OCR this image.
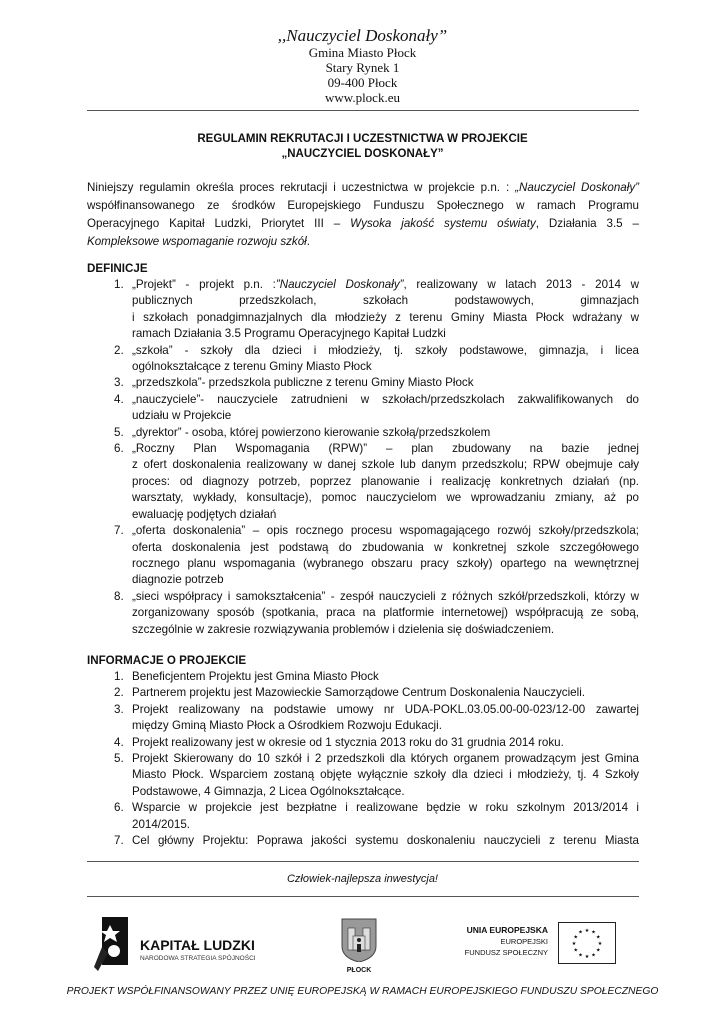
,,Nauczyciel Doskonały”
Gmina Miasto Płock
Stary Rynek 1
09-400 Płock
www.plock.eu
REGULAMIN REKRUTACJI I UCZESTNICTWA W PROJEKCIE
„NAUCZYCIEL DOSKONAŁY”
Niniejszy regulamin określa proces rekrutacji i uczestnictwa w projekcie p.n. : „Nauczyciel Doskonały”
współfinansowanego ze środków Europejskiego Funduszu Społecznego w ramach Programu
Operacyjnego Kapitał Ludzki, Priorytet III – Wysoka jakość systemu oświaty, Działania 3.5 –
Kompleksowe wspomaganie rozwoju szkół.
DEFINICJE
1. „Projekt” - projekt p.n. :”Nauczyciel Doskonały”, realizowany w latach 2013 - 2014 w
publicznych przedszkolach, szkołach podstawowych, gimnazjach
i szkołach ponadgimnazjalnych dla młodzieży z terenu Gminy Miasta Płock wdrażany w
ramach Działania 3.5 Programu Operacyjnego Kapitał Ludzki
2. „szkoła” - szkoły dla dzieci i młodzieży, tj. szkoły podstawowe, gimnazja, i licea
ogólnokształcące z terenu Gminy Miasto Płock
3. „przedszkola”- przedszkola publiczne z terenu Gminy Miasto Płock
4. „nauczyciele”- nauczyciele zatrudnieni w szkołach/przedszkolach zakwalifikowanych do
udziału w Projekcie
5. „dyrektor” - osoba, której powierzono kierowanie szkołą/przedszkolem
6. „Roczny Plan Wspomagania (RPW)” – plan zbudowany na bazie jednej
z ofert doskonalenia realizowany w danej szkole lub danym przedszkolu; RPW obejmuje cały
proces: od diagnozy potrzeb, poprzez planowanie i realizację konkretnych działań (np.
warsztaty, wykłady, konsultacje), pomoc nauczycielom we wprowadzaniu zmiany, aż po
ewaluację podjętych działań
7. „oferta doskonalenia” – opis rocznego procesu wspomagającego rozwój szkoły/przedszkola;
oferta doskonalenia jest podstawą do zbudowania w konkretnej szkole szczegółowego
rocznego planu wspomagania (wybranego obszaru pracy szkoły) opartego na wewnętrznej
diagnozie potrzeb
8. „sieci współpracy i samokształcenia” - zespół nauczycieli z różnych szkół/przedszkoli, którzy w
zorganizowany sposób (spotkania, praca na platformie internetowej) współpracują ze sobą,
szczególnie w zakresie rozwiązywania problemów i dzielenia się doświadczeniem.
INFORMACJE O PROJEKCIE
1. Beneficjentem Projektu jest Gmina Miasto Płock
2. Partnerem projektu jest Mazowieckie Samorządowe Centrum Doskonalenia Nauczycieli.
3. Projekt realizowany na podstawie umowy nr UDA-POKL.03.05.00-00-023/12-00 zawartej
między Gminą Miasto Płock a Ośrodkiem Rozwoju Edukacji.
4. Projekt realizowany jest w okresie od 1 stycznia 2013 roku do 31 grudnia 2014 roku.
5. Projekt Skierowany do 10 szkół i 2 przedszkoli dla których organem prowadzącym jest Gmina
Miasto Płock. Wsparciem zostaną objęte wyłącznie szkoły dla dzieci i młodzieży, tj. 4 Szkoły
Podstawowe, 4 Gimnazja, 2 Licea Ogólnokształcące.
6. Wsparcie w projekcie jest bezpłatne i realizowane będzie w roku szkolnym 2013/2014 i
2014/2015.
7. Cel główny Projektu: Poprawa jakości systemu doskonaleniu nauczycieli z terenu Miasta
Człowiek-najlepsza inwestycja!
KAPITAŁ LUDZKI
NARODOWA STRATEGIA SPÓJNOŚCI
PŁOCK
UNIA EUROPEJSKA
EUROPEJSKI
FUNDUSZ SPOŁECZNY
★
★
★
★
★
★
★
★
★ ★ ★
★
PROJEKT WSPÓŁFINANSOWANY PRZEZ UNIĘ EUROPEJSKĄ W RAMACH EUROPEJSKIEGO FUNDUSZU SPOŁECZNEGO
